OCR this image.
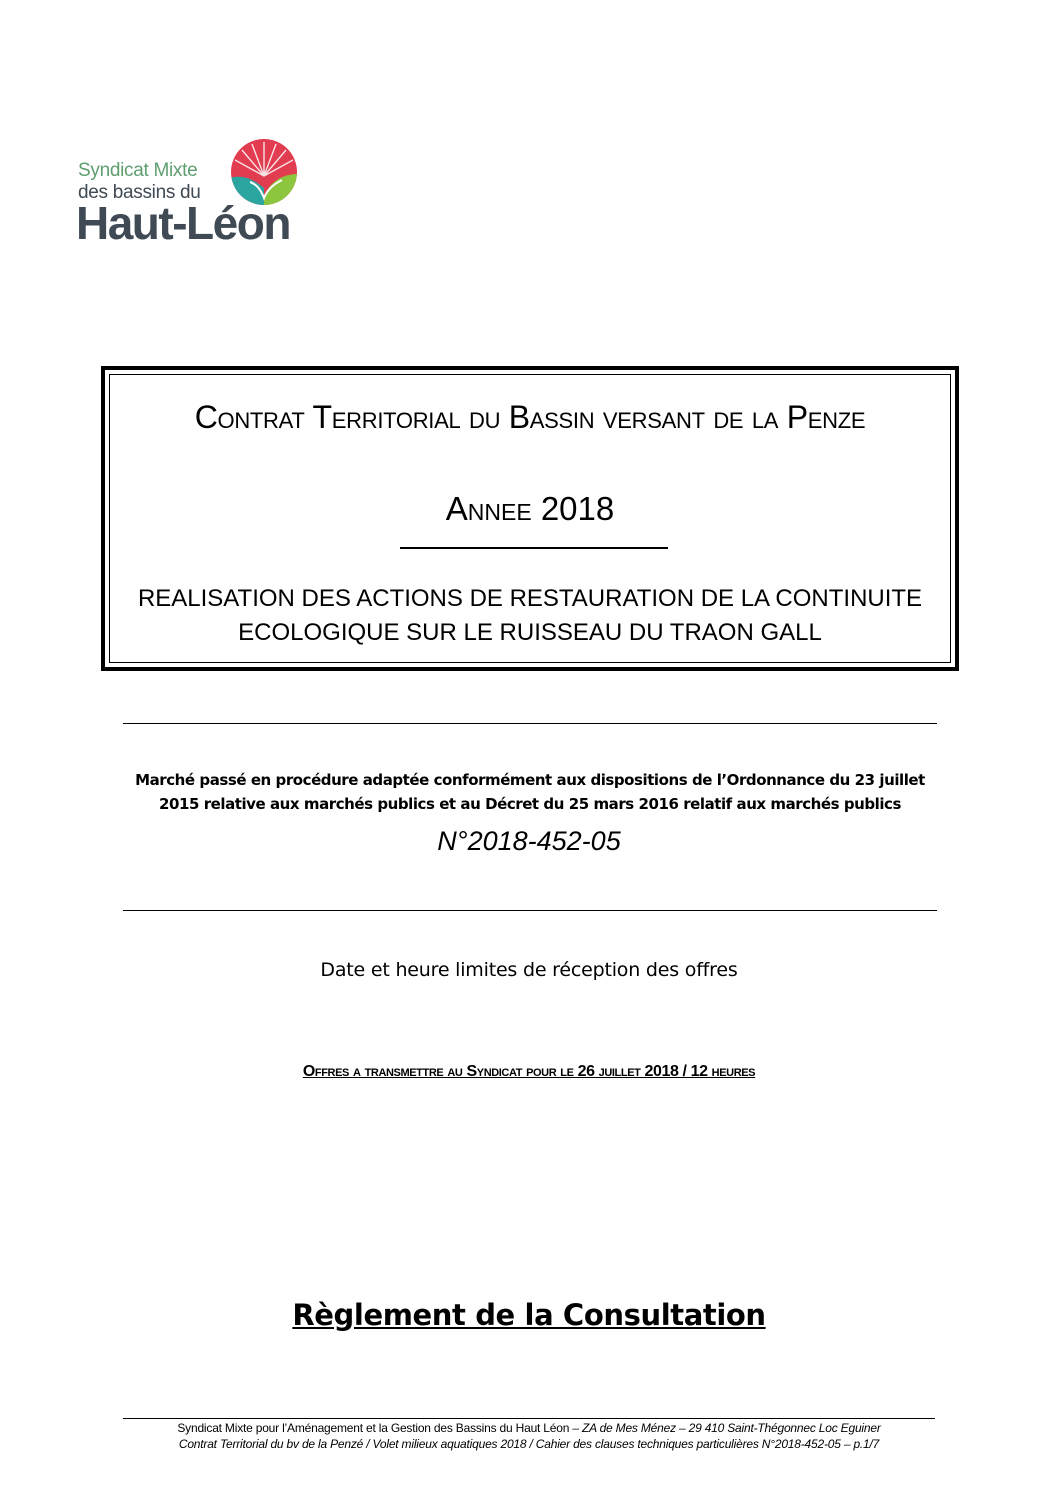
Syndicat Mixte
des bassins du
Haut-Léon
Contrat Territorial du Bassin versant de la Penze
Annee 2018
REALISATION DES ACTIONS DE RESTAURATION DE LA CONTINUITE
ECOLOGIQUE SUR LE RUISSEAU DU TRAON GALL
Marché passé en procédure adaptée conformément aux dispositions de l’Ordonnance du 23 juillet
2015 relative aux marchés publics et au Décret du 25 mars 2016 relatif aux marchés publics
N°2018-452-05
Date et heure limites de réception des offres
Offres a transmettre au Syndicat pour le 26 juillet 2018 / 12 heures
Règlement de la Consultation
Syndicat Mixte pour l’Aménagement et la Gestion des Bassins du Haut Léon – ZA de Mes Ménez – 29 410 Saint-Thégonnec Loc Eguiner
Contrat Territorial du bv de la Penzé / Volet milieux aquatiques 2018 / Cahier des clauses techniques particulières N°2018-452-05 – p.1/7
